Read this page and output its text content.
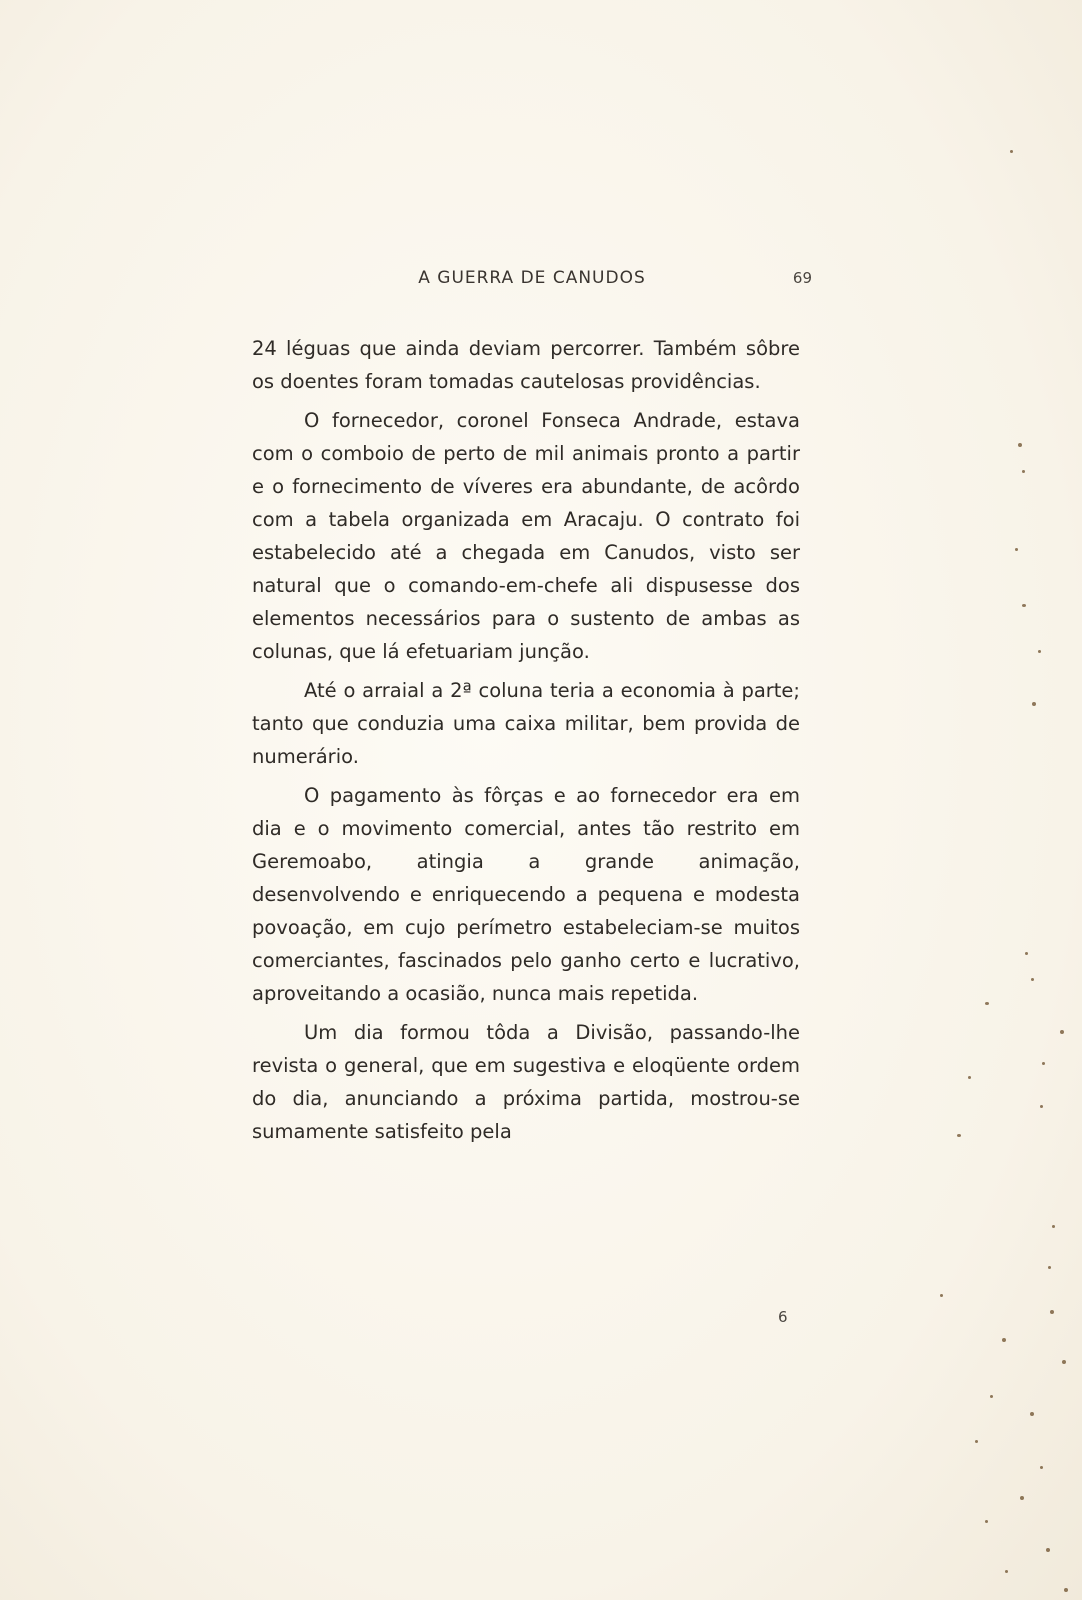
A GUERRA DE CANUDOS	69

24 léguas que ainda deviam percorrer. Também sôbre os doentes foram tomadas cautelosas providências.

O fornecedor, coronel Fonseca Andrade, estava com o comboio de perto de mil animais pronto a partir e o fornecimento de víveres era abundante, de acôrdo com a tabela organizada em Aracaju. O contrato foi estabelecido até a chegada em Canudos, visto ser natural que o comando-em-chefe ali dispusesse dos elementos necessários para o sustento de ambas as colunas, que lá efetuariam junção.

Até o arraial a 2ª coluna teria a economia à parte; tanto que conduzia uma caixa militar, bem provida de numerário.

O pagamento às fôrças e ao fornecedor era em dia e o movimento comercial, antes tão restrito em Geremoabo, atingia a grande animação, desenvolvendo e enriquecendo a pequena e modesta povoação, em cujo perímetro estabeleciam-se muitos comerciantes, fascinados pelo ganho certo e lucrativo, aproveitando a ocasião, nunca mais repetida.

Um dia formou tôda a Divisão, passando-lhe revista o general, que em sugestiva e eloqüente ordem do dia, anunciando a próxima partida, mostrou-se sumamente satisfeito pela

6
